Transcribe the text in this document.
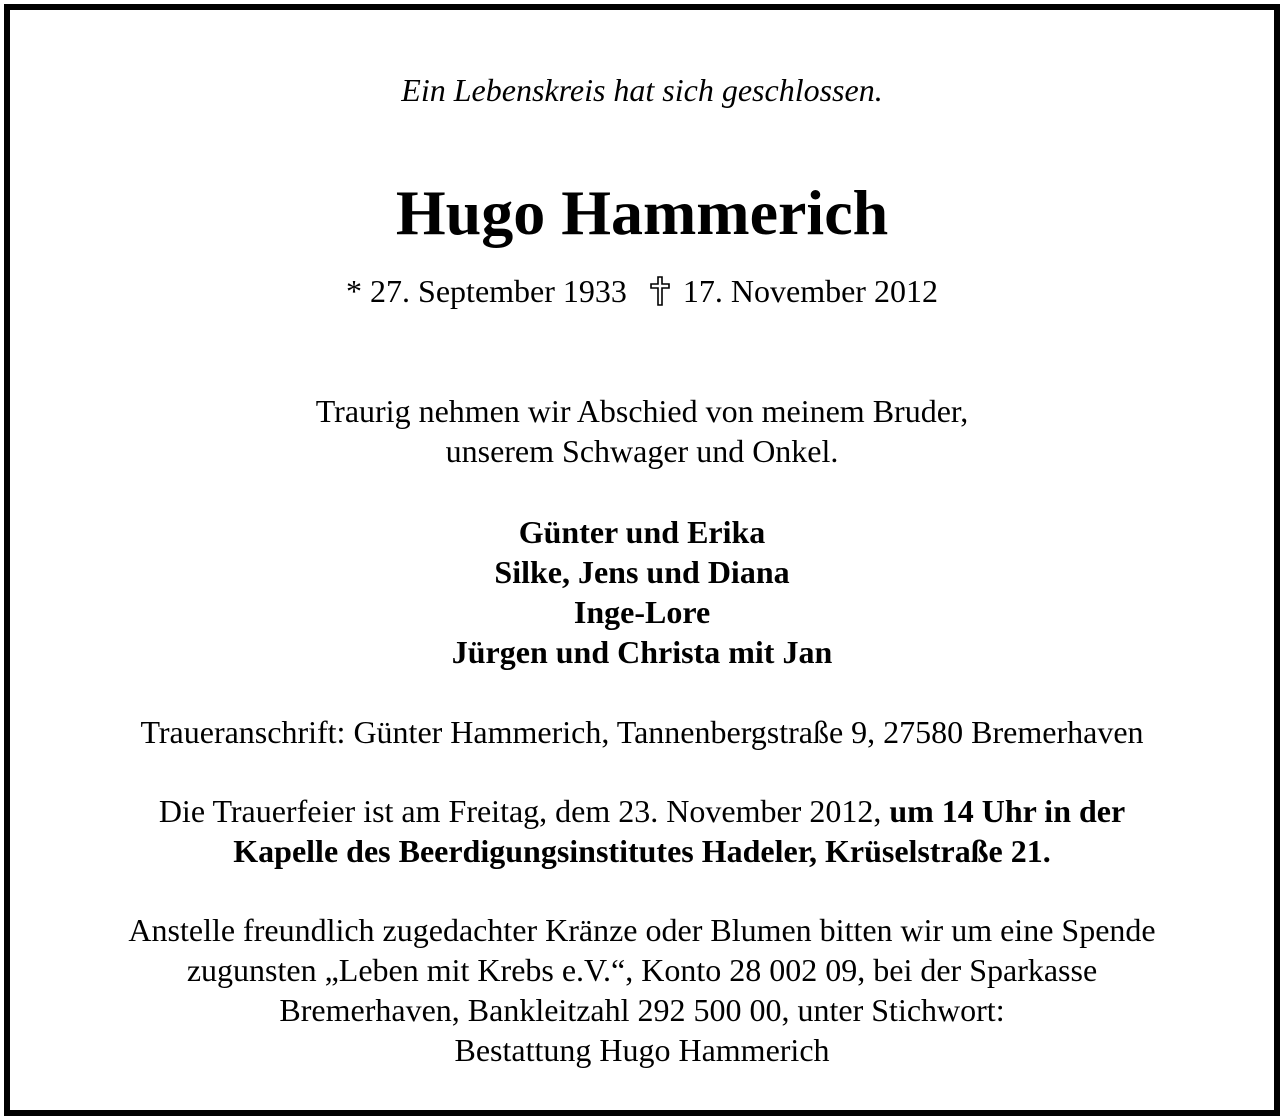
Ein Lebenskreis hat sich geschlossen.
Hugo Hammerich
* 27. September 1933 17. November 2012
Traurig nehmen wir Abschied von meinem Bruder,
unserem Schwager und Onkel.
Günter und Erika
Silke, Jens und Diana
Inge-Lore
Jürgen und Christa mit Jan
Traueranschrift: Günter Hammerich, Tannenbergstraße 9, 27580 Bremerhaven
Die Trauerfeier ist am Freitag, dem 23. November 2012, um 14 Uhr in der
Kapelle des Beerdigungsinstitutes Hadeler, Krüselstraße 21.
Anstelle freundlich zugedachter Kränze oder Blumen bitten wir um eine Spende
zugunsten „Leben mit Krebs e.V.“, Konto 28 002 09, bei der Sparkasse
Bremerhaven, Bankleitzahl 292 500 00, unter Stichwort:
Bestattung Hugo Hammerich
